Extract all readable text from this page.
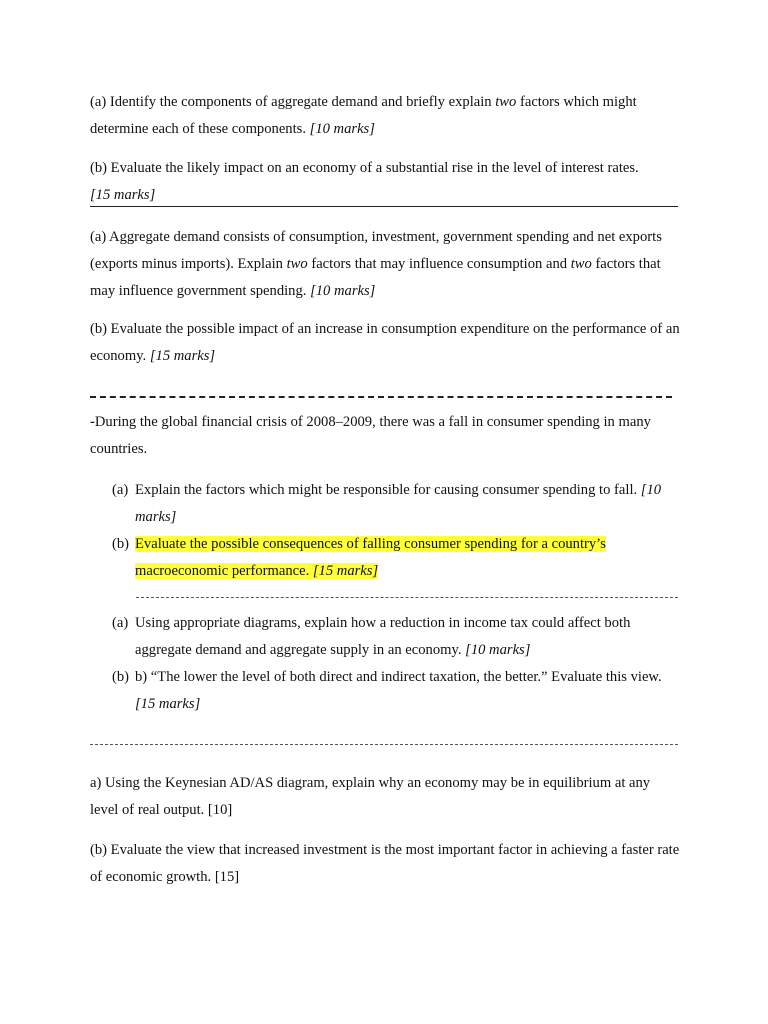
(a) Identify the components of aggregate demand and briefly explain two factors which might determine each of these components. [10 marks]

(b) Evaluate the likely impact on an economy of a substantial rise in the level of interest rates.
[15 marks]

(a) Aggregate demand consists of consumption, investment, government spending and net exports (exports minus imports). Explain two factors that may influence consumption and two factors that may influence government spending. [10 marks]

(b) Evaluate the possible impact of an increase in consumption expenditure on the performance of an economy. [15 marks]

-During the global financial crisis of 2008–2009, there was a fall in consumer spending in many countries.

(a) Explain the factors which might be responsible for causing consumer spending to fall. [10 marks]
(b) Evaluate the possible consequences of falling consumer spending for a country’s macroeconomic performance. [15 marks]
(a) Using appropriate diagrams, explain how a reduction in income tax could affect both aggregate demand and aggregate supply in an economy. [10 marks]
(b) b) “The lower the level of both direct and indirect taxation, the better.” Evaluate this view. [15 marks]

a) Using the Keynesian AD/AS diagram, explain why an economy may be in equilibrium at any level of real output. [10]

(b) Evaluate the view that increased investment is the most important factor in achieving a faster rate of economic growth. [15]
